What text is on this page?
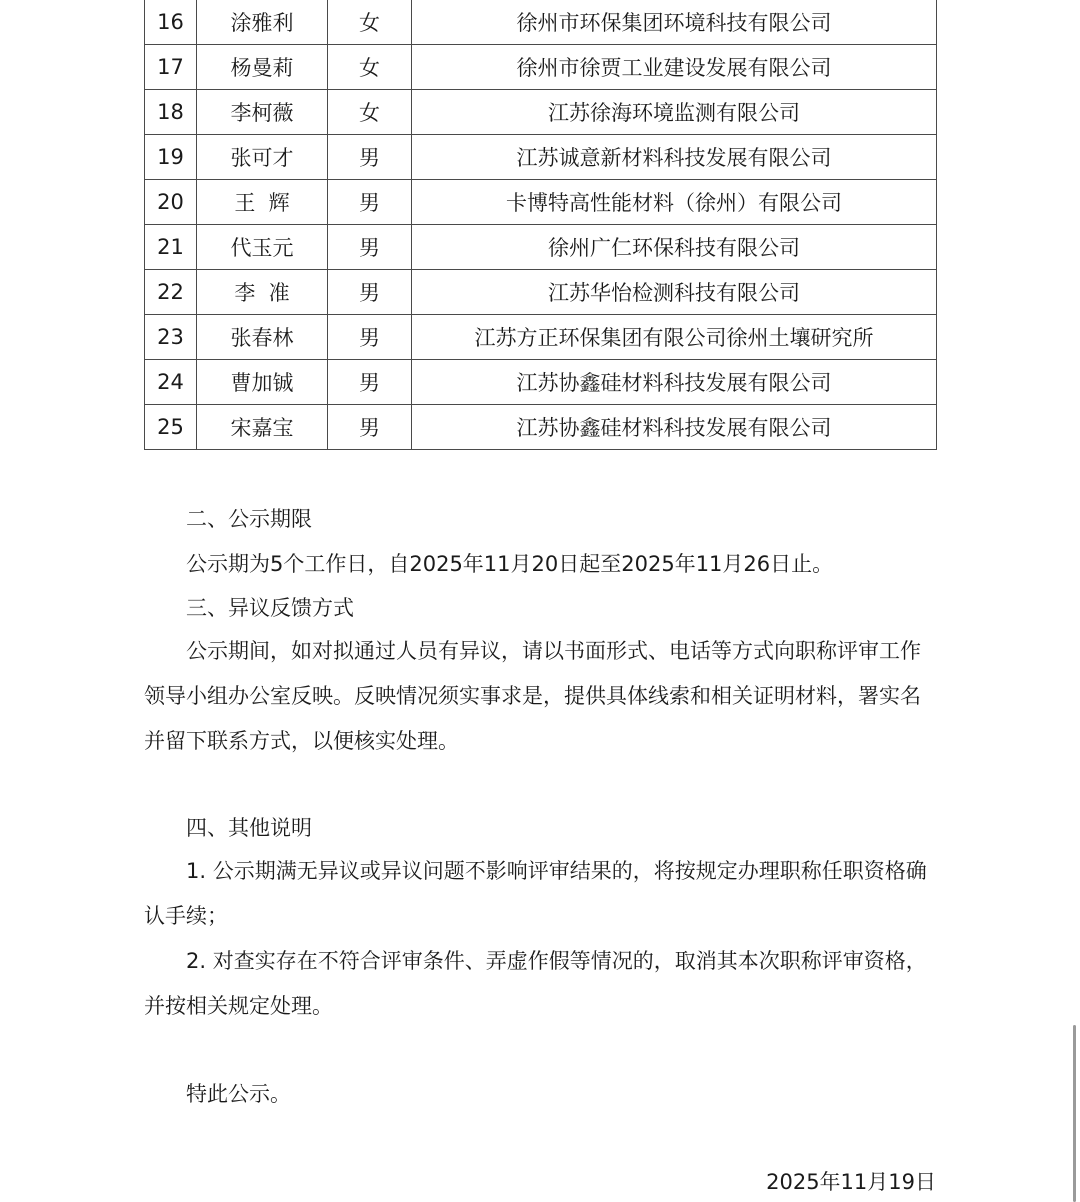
16	涂雅利	女	徐州市环保集团环境科技有限公司
17	杨曼莉	女	徐州市徐贾工业建设发展有限公司
18	李柯薇	女	江苏徐海环境监测有限公司
19	张可才	男	江苏诚意新材料科技发展有限公司
20	王  辉	男	卡博特高性能材料（徐州）有限公司
21	代玉元	男	徐州广仁环保科技有限公司
22	李  准	男	江苏华怡检测科技有限公司
23	张春林	男	江苏方正环保集团有限公司徐州土壤研究所
24	曹加铖	男	江苏协鑫硅材料科技发展有限公司
25	宋嘉宝	男	江苏协鑫硅材料科技发展有限公司

二、公示期限

公示期为5个工作日，自2025年11月20日起至2025年11月26日止。

三、异议反馈方式

公示期间，如对拟通过人员有异议，请以书面形式、电话等方式向职称评审工作领导小组办公室反映。反映情况须实事求是，提供具体线索和相关证明材料，署实名并留下联系方式，以便核实处理。

四、其他说明

1. 公示期满无异议或异议问题不影响评审结果的，将按规定办理职称任职资格确认手续；

2. 对查实存在不符合评审条件、弄虚作假等情况的，取消其本次职称评审资格，并按相关规定处理。

特此公示。

2025年11月19日
